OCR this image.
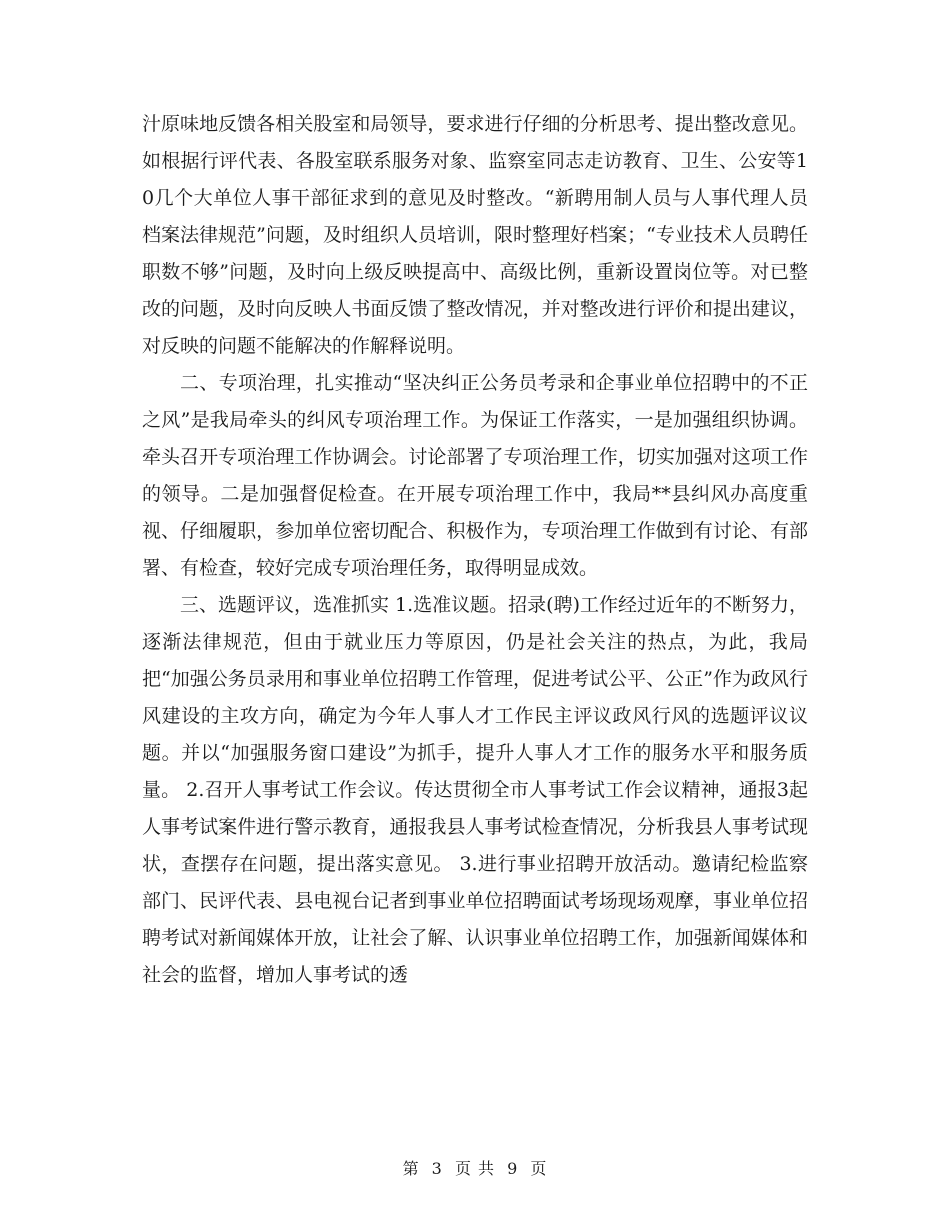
汁原味地反馈各相关股室和局领导，要求进行仔细的分析思考、提出整改意见。如根据行评代表、各股室联系服务对象、监察室同志走访教育、卫生、公安等10几个大单位人事干部征求到的意见及时整改。“新聘用制人员与人事代理人员档案法律规范”问题，及时组织人员培训，限时整理好档案；“专业技术人员聘任职数不够”问题，及时向上级反映提高中、高级比例，重新设置岗位等。对已整改的问题，及时向反映人书面反馈了整改情况，并对整改进行评价和提出建议，对反映的问题不能解决的作解释说明。

二、专项治理，扎实推动“坚决纠正公务员考录和企事业单位招聘中的不正之风”是我局牵头的纠风专项治理工作。为保证工作落实，一是加强组织协调。牵头召开专项治理工作协调会。讨论部署了专项治理工作，切实加强对这项工作的领导。二是加强督促检查。在开展专项治理工作中，我局**县纠风办高度重视、仔细履职，参加单位密切配合、积极作为，专项治理工作做到有讨论、有部署、有检查，较好完成专项治理任务，取得明显成效。

三、选题评议，选准抓实 1.选准议题。招录(聘)工作经过近年的不断努力，逐渐法律规范，但由于就业压力等原因，仍是社会关注的热点，为此，我局把“加强公务员录用和事业单位招聘工作管理，促进考试公平、公正”作为政风行风建设的主攻方向，确定为今年人事人才工作民主评议政风行风的选题评议议题。并以“加强服务窗口建设”为抓手，提升人事人才工作的服务水平和服务质量。 2.召开人事考试工作会议。传达贯彻全市人事考试工作会议精神，通报3起人事考试案件进行警示教育，通报我县人事考试检查情况，分析我县人事考试现状，查摆存在问题，提出落实意见。 3.进行事业招聘开放活动。邀请纪检监察部门、民评代表、县电视台记者到事业单位招聘面试考场现场观摩，事业单位招聘考试对新闻媒体开放，让社会了解、认识事业单位招聘工作，加强新闻媒体和社会的监督，增加人事考试的透

第 3 页 共 9 页
